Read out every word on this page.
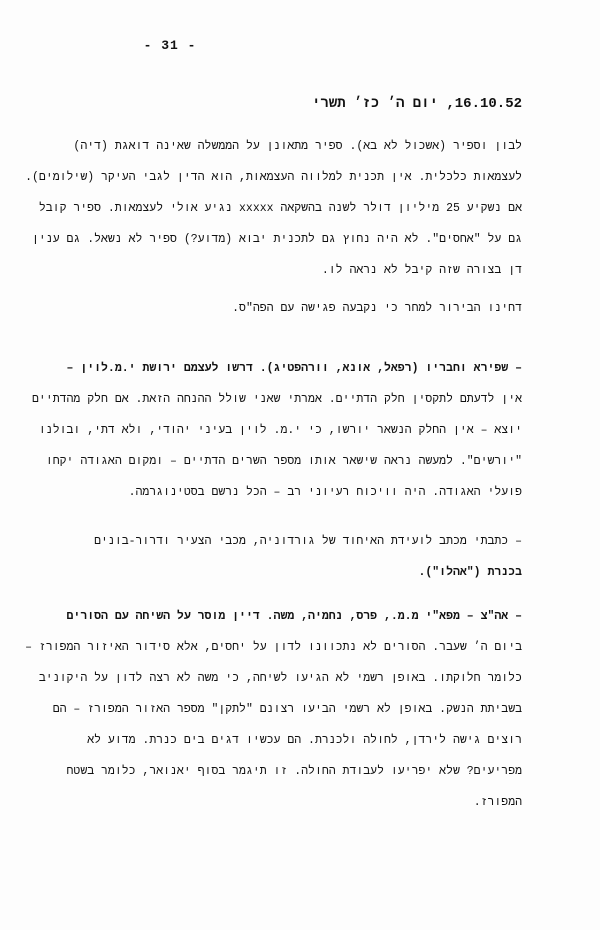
- 31 -
16.10.52, יום ה׳ כז׳ תשרי
לבון וספיר (אשכול לא בא). ספיר מתאונן על הממשלה שאינה דואגת (דיה)
לעצמאות כלכלית. אין תכנית למלווה העצמאות, הוא הדין לגבי העיקר (שילומים).
אם נשקיע 25 מיליון דולר לשנה בהשקאה xxxxx נגיע אולי לעצמאות. ספיר קובל
גם על "אחסים". לא היה נחוץ גם לתכנית יבוא (מדוע?) ספיר לא נשאל. גם ענין
דן בצורה שזה קיבל לא נראה לו.
דחינו הבירור למחר כי נקבעה פגישה עם הפה"ס.
– שפירא וחבריו (רפאל, אונא, וורהפטיג). דרשו לעצמם ירושת י.מ.לוין –
אין לדעתם לתקסין חלק הדתיים. אמרתי שאני שולל ההנחה הזאת. אם חלק מהדתיים
יוצא – אין החלק הנשאר יורשו, כי י.מ. לוין בעיני יהודי, ולא דתי, ובולנו
"יורשים". למעשה נראה שישאר אותו מספר השרים הדתיים – ומקום האגודה יקחו
פועלי האגודה. היה וויכוח רעיוני רב – הכל נרשם בסטינוגרמה.
– כתבתי מכתב לועידת האיחוד של גורדוניה, מכבי הצעיר ודרור-בונים
בכנרת ("אהלו").
– אה"צ – מפא"י מ.מ., פרס, נחמיה, משה. דיין מוסר על השיחה עם הסורים
ביום ה׳ שעבר. הסורים לא נתכוונו לדון על יחסים, אלא סידור האיזור המפורז –
כלומר חלוקתו. באופן רשמי לא הגיעו לשיחה, כי משה לא רצה לדון על היקוניב
בשביתת הנשק. באופן לא רשמי הביעו רצונם "לתקן" מספר האזור המפורז – הם
רוצים גישה לירדן, לחולה ולכנרת. הם עכשיו דגים בים כנרת. מדוע לא
מפריעים? שלא יפריעו לעבודת החולה. זו תיגמר בסוף יאנואר, כלומר בשטח
המפורז.
